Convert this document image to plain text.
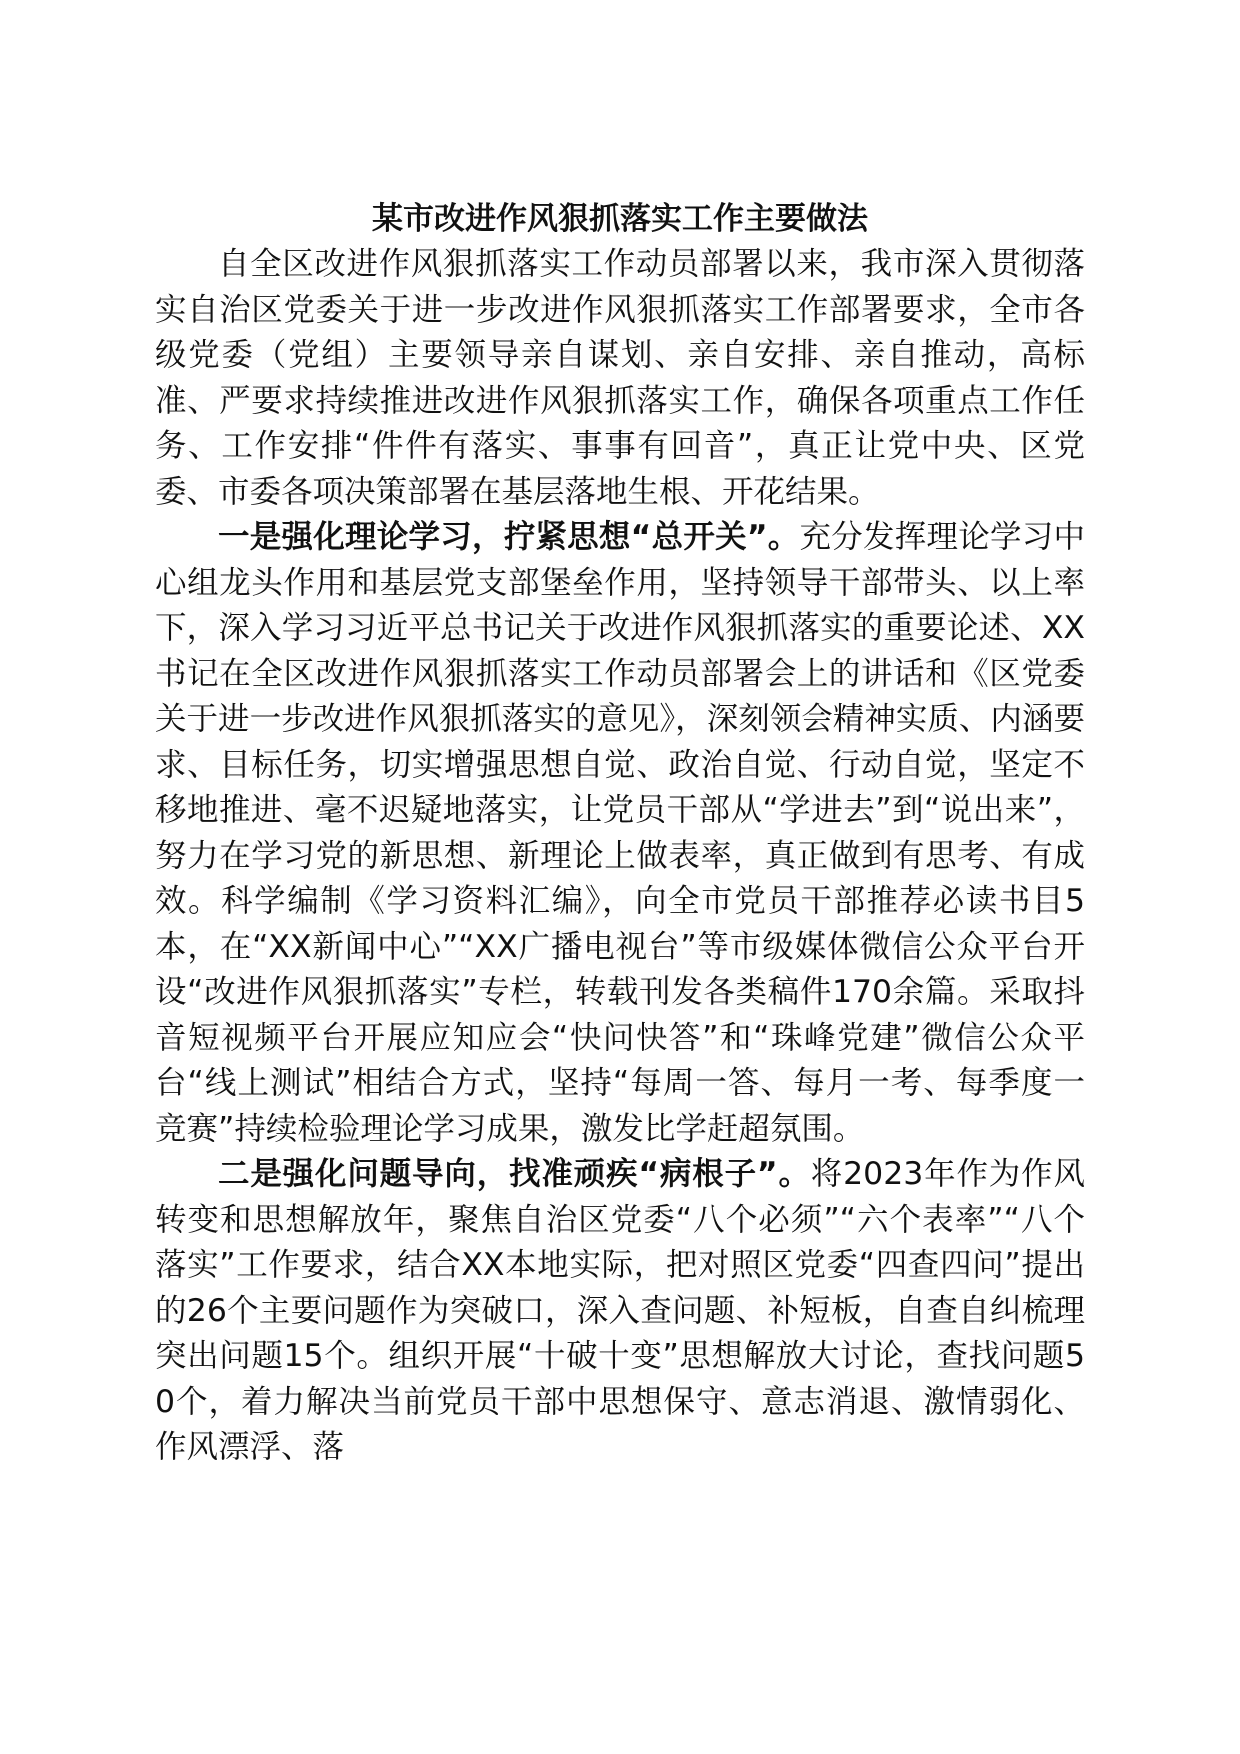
某市改进作风狠抓落实工作主要做法

自全区改进作风狠抓落实工作动员部署以来，我市深入贯彻落实自治区党委关于进一步改进作风狠抓落实工作部署要求，全市各级党委（党组）主要领导亲自谋划、亲自安排、亲自推动，高标准、严要求持续推进改进作风狠抓落实工作，确保各项重点工作任务、工作安排“件件有落实、事事有回音”，真正让党中央、区党委、市委各项决策部署在基层落地生根、开花结果。

一是强化理论学习，拧紧思想“总开关”。充分发挥理论学习中心组龙头作用和基层党支部堡垒作用，坚持领导干部带头、以上率下，深入学习习近平总书记关于改进作风狠抓落实的重要论述、XX书记在全区改进作风狠抓落实工作动员部署会上的讲话和《区党委关于进一步改进作风狠抓落实的意见》，深刻领会精神实质、内涵要求、目标任务，切实增强思想自觉、政治自觉、行动自觉，坚定不移地推进、毫不迟疑地落实，让党员干部从“学进去”到“说出来”，努力在学习党的新思想、新理论上做表率，真正做到有思考、有成效。科学编制《学习资料汇编》，向全市党员干部推荐必读书目5本，在“XX新闻中心”“XX广播电视台”等市级媒体微信公众平台开设“改进作风狠抓落实”专栏，转载刊发各类稿件170余篇。采取抖音短视频平台开展应知应会“快问快答”和“珠峰党建”微信公众平台“线上测试”相结合方式，坚持“每周一答、每月一考、每季度一竞赛”持续检验理论学习成果，激发比学赶超氛围。

二是强化问题导向，找准顽疾“病根子”。将2023年作为作风转变和思想解放年，聚焦自治区党委“八个必须”“六个表率”“八个落实”工作要求，结合XX本地实际，把对照区党委“四查四问”提出的26个主要问题作为突破口，深入查问题、补短板，自查自纠梳理突出问题15个。组织开展“十破十变”思想解放大讨论，查找问题50个，着力解决当前党员干部中思想保守、意志消退、激情弱化、作风漂浮、落
